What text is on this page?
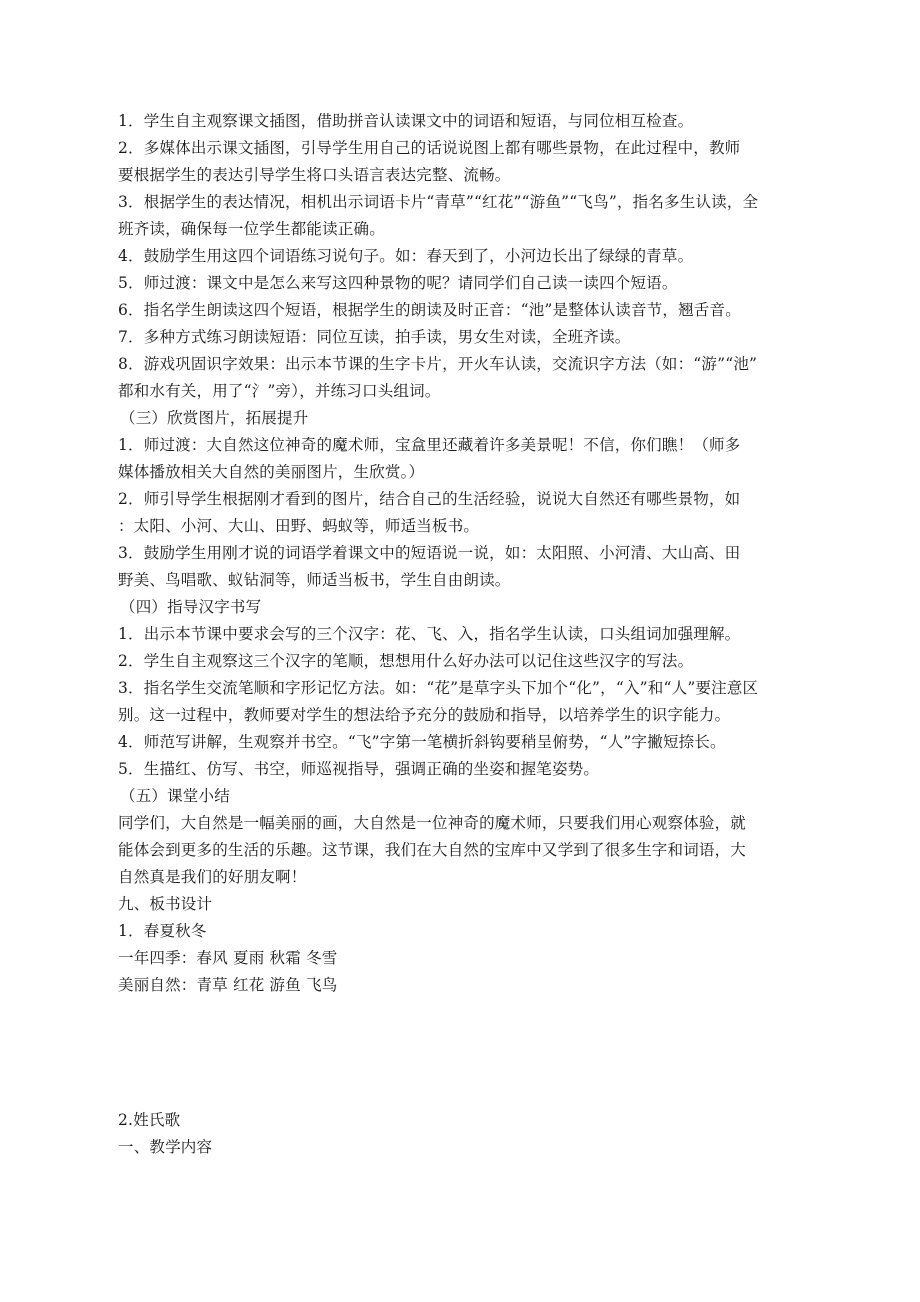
1．学生自主观察课文插图，借助拼音认读课文中的词语和短语，与同位相互检查。
2．多媒体出示课文插图，引导学生用自己的话说说图上都有哪些景物，在此过程中，教师
要根据学生的表达引导学生将口头语言表达完整、流畅。
3．根据学生的表达情况，相机出示词语卡片“青草”“红花”“游鱼”“飞鸟”，指名多生认读，全
班齐读，确保每一位学生都能读正确。
4．鼓励学生用这四个词语练习说句子。如：春天到了，小河边长出了绿绿的青草。
5．师过渡：课文中是怎么来写这四种景物的呢？请同学们自己读一读四个短语。
6．指名学生朗读这四个短语，根据学生的朗读及时正音：“池”是整体认读音节，翘舌音。
7．多种方式练习朗读短语：同位互读，拍手读，男女生对读，全班齐读。
8．游戏巩固识字效果：出示本节课的生字卡片，开火车认读，交流识字方法（如：“游”“池”
都和水有关，用了“氵”旁），并练习口头组词。
（三）欣赏图片，拓展提升
1．师过渡：大自然这位神奇的魔术师，宝盒里还藏着许多美景呢！不信，你们瞧！（师多
媒体播放相关大自然的美丽图片，生欣赏。）
2．师引导学生根据刚才看到的图片，结合自己的生活经验，说说大自然还有哪些景物，如
：太阳、小河、大山、田野、蚂蚁等，师适当板书。
3．鼓励学生用刚才说的词语学着课文中的短语说一说，如：太阳照、小河清、大山高、田
野美、鸟唱歌、蚁钻洞等，师适当板书，学生自由朗读。
（四）指导汉字书写
1．出示本节课中要求会写的三个汉字：花、飞、入，指名学生认读，口头组词加强理解。
2．学生自主观察这三个汉字的笔顺，想想用什么好办法可以记住这些汉字的写法。
3．指名学生交流笔顺和字形记忆方法。如：“花”是草字头下加个“化”，“入”和“人”要注意区
别。这一过程中，教师要对学生的想法给予充分的鼓励和指导，以培养学生的识字能力。
4．师范写讲解，生观察并书空。“飞”字第一笔横折斜钩要稍呈俯势，“人”字撇短捺长。
5．生描红、仿写、书空，师巡视指导，强调正确的坐姿和握笔姿势。
（五）课堂小结
同学们，大自然是一幅美丽的画，大自然是一位神奇的魔术师，只要我们用心观察体验，就
能体会到更多的生活的乐趣。这节课，我们在大自然的宝库中又学到了很多生字和词语，大
自然真是我们的好朋友啊！
九、板书设计
1．春夏秋冬
一年四季：春风 夏雨 秋霜 冬雪
美丽自然：青草 红花 游鱼 飞鸟
2.姓氏歌
一、教学内容
